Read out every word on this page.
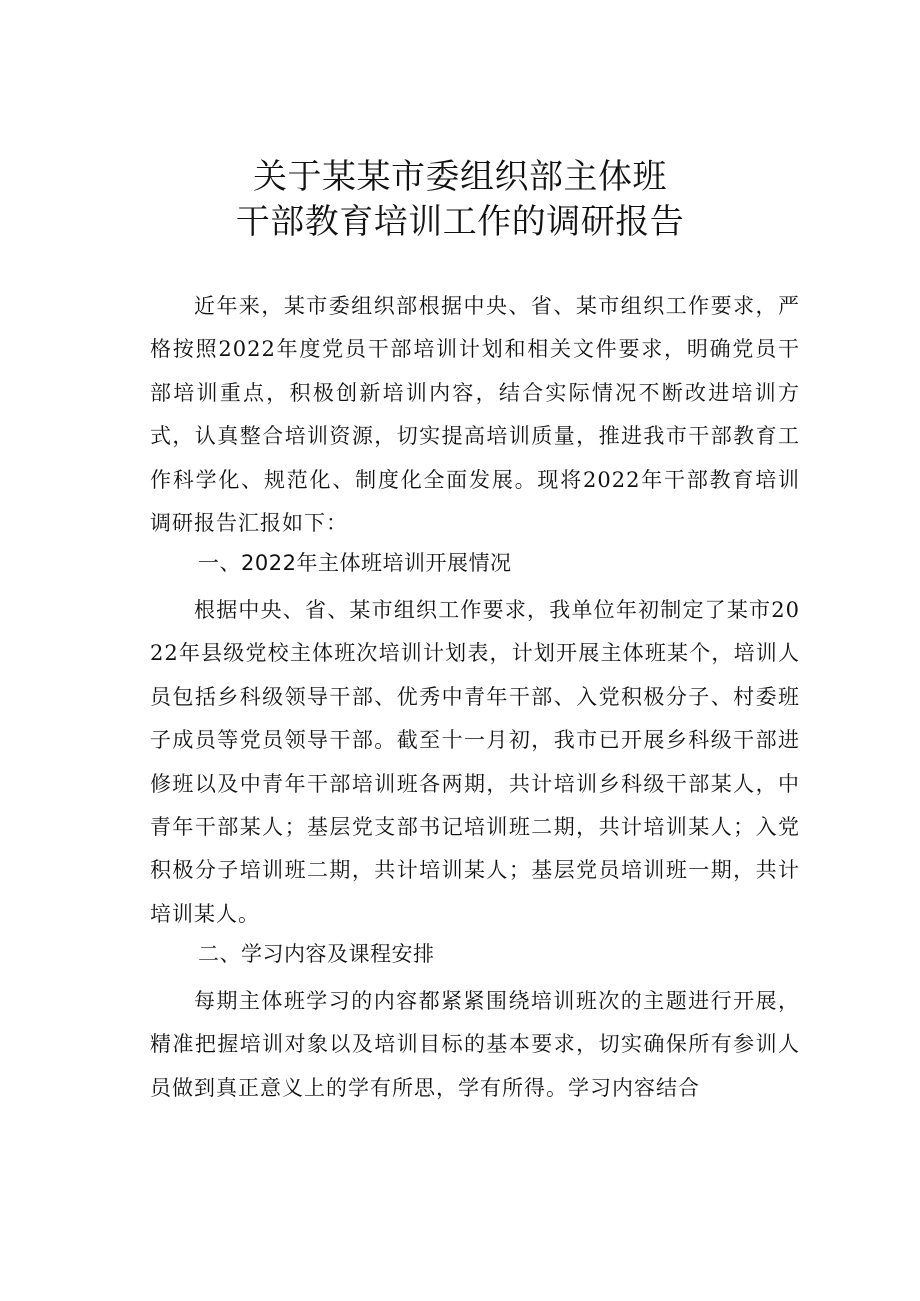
关于某某市委组织部主体班
干部教育培训工作的调研报告

近年来，某市委组织部根据中央、省、某市组织工作要求，严格按照2022年度党员干部培训计划和相关文件要求，明确党员干部培训重点，积极创新培训内容，结合实际情况不断改进培训方式，认真整合培训资源，切实提高培训质量，推进我市干部教育工作科学化、规范化、制度化全面发展。现将2022年干部教育培训调研报告汇报如下：

一、2022年主体班培训开展情况

根据中央、省、某市组织工作要求，我单位年初制定了某市2022年县级党校主体班次培训计划表，计划开展主体班某个，培训人员包括乡科级领导干部、优秀中青年干部、入党积极分子、村委班子成员等党员领导干部。截至十一月初，我市已开展乡科级干部进修班以及中青年干部培训班各两期，共计培训乡科级干部某人，中青年干部某人；基层党支部书记培训班二期，共计培训某人；入党积极分子培训班二期，共计培训某人；基层党员培训班一期，共计培训某人。

二、学习内容及课程安排

每期主体班学习的内容都紧紧围绕培训班次的主题进行开展，精准把握培训对象以及培训目标的基本要求，切实确保所有参训人员做到真正意义上的学有所思，学有所得。学习内容结合
